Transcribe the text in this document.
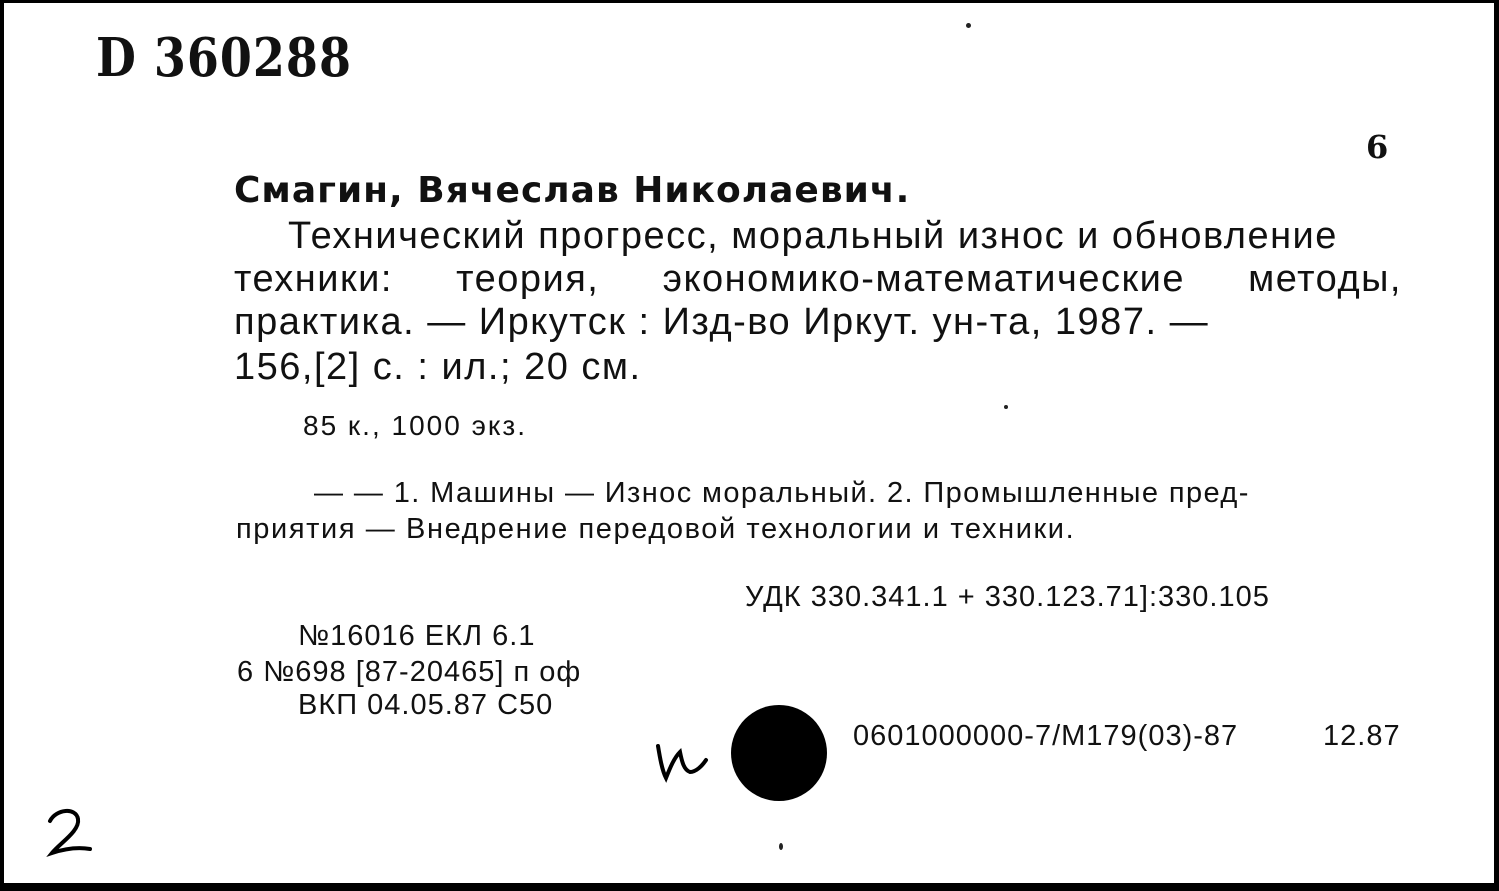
D 360288
6
Смагин, Вячеслав Николаевич.
Технический прогресс, моральный износ и обновление
техники: теория, экономико-математические методы,
практика. — Иркутск : Изд-во Иркут. ун-та, 1987. —
156,[2] с. : ил.; 20 см.
85 к., 1000 экз.
— — 1. Машины — Износ моральный. 2. Промышленные пред-
приятия — Внедрение передовой технологии и техники.
УДК 330.341.1 + 330.123.71]:330.105
№16016 ЕКЛ 6.1
6 №698 [87-20465] п оф
ВКП 04.05.87 С50
0601000000-7/М179(03)-87	12.87
